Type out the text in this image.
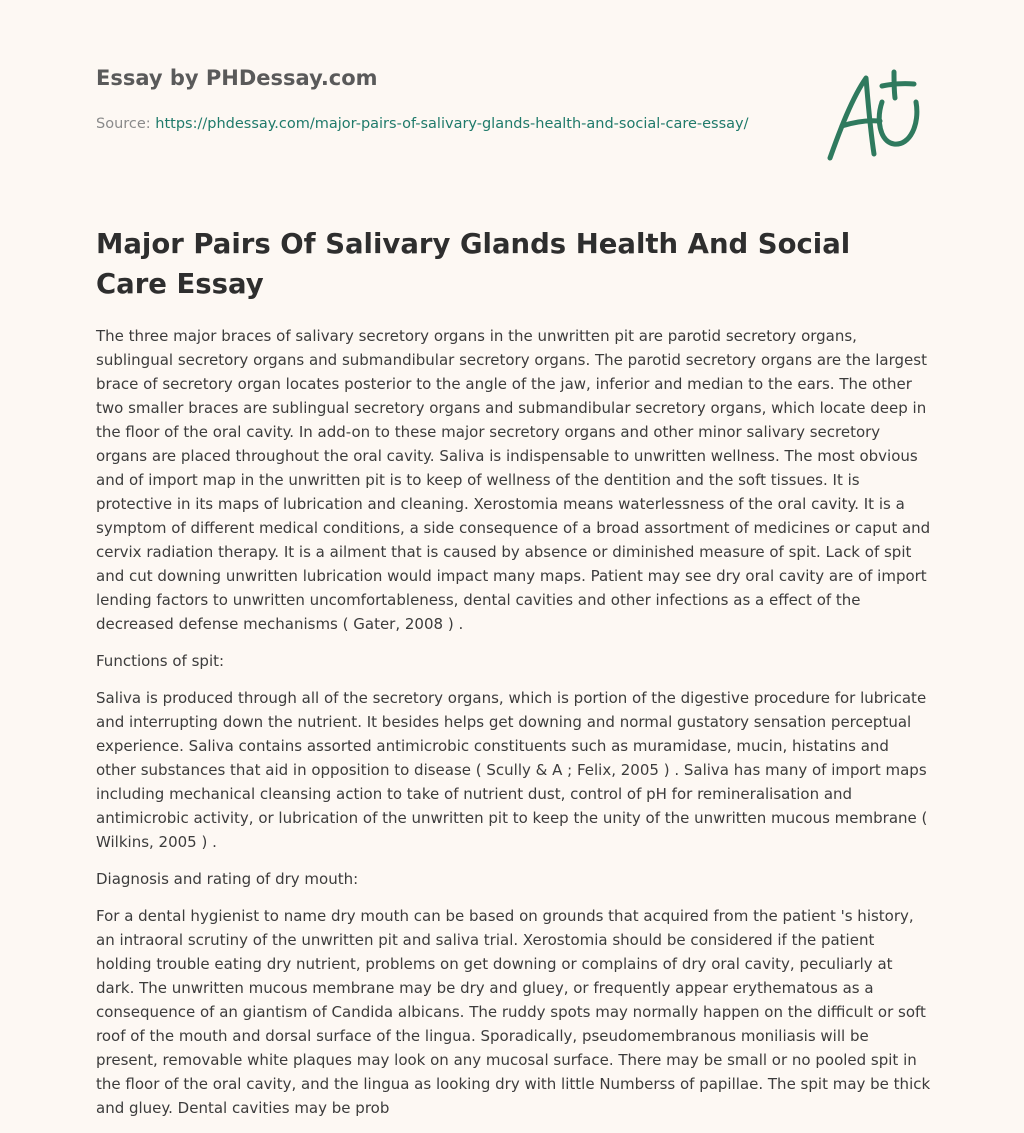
Essay by PHDessay.com
Source: https://phdessay.com/major-pairs-of-salivary-glands-health-and-social-care-essay/
Major Pairs Of Salivary Glands Health And Social Care Essay

The three major braces of salivary secretory organs in the unwritten pit are parotid secretory organs, sublingual secretory organs and submandibular secretory organs. The parotid secretory organs are the largest brace of secretory organ locates posterior to the angle of the jaw, inferior and median to the ears. The other two smaller braces are sublingual secretory organs and submandibular secretory organs, which locate deep in the floor of the oral cavity. In add-on to these major secretory organs and other minor salivary secretory organs are placed throughout the oral cavity. Saliva is indispensable to unwritten wellness. The most obvious and of import map in the unwritten pit is to keep of wellness of the dentition and the soft tissues. It is protective in its maps of lubrication and cleaning. Xerostomia means waterlessness of the oral cavity. It is a symptom of different medical conditions, a side consequence of a broad assortment of medicines or caput and cervix radiation therapy. It is a ailment that is caused by absence or diminished measure of spit. Lack of spit and cut downing unwritten lubrication would impact many maps. Patient may see dry oral cavity are of import lending factors to unwritten uncomfortableness, dental cavities and other infections as a effect of the decreased defense mechanisms ( Gater, 2008 ) .

Functions of spit:

Saliva is produced through all of the secretory organs, which is portion of the digestive procedure for lubricate and interrupting down the nutrient. It besides helps get downing and normal gustatory sensation perceptual experience. Saliva contains assorted antimicrobic constituents such as muramidase, mucin, histatins and other substances that aid in opposition to disease ( Scully & A ; Felix, 2005 ) . Saliva has many of import maps including mechanical cleansing action to take of nutrient dust, control of pH for remineralisation and antimicrobic activity, or lubrication of the unwritten pit to keep the unity of the unwritten mucous membrane ( Wilkins, 2005 ) .

Diagnosis and rating of dry mouth:

For a dental hygienist to name dry mouth can be based on grounds that acquired from the patient 's history, an intraoral scrutiny of the unwritten pit and saliva trial. Xerostomia should be considered if the patient holding trouble eating dry nutrient, problems on get downing or complains of dry oral cavity, peculiarly at dark. The unwritten mucous membrane may be dry and gluey, or frequently appear erythematous as a consequence of an giantism of Candida albicans. The ruddy spots may normally happen on the difficult or soft roof of the mouth and dorsal surface of the lingua. Sporadically, pseudomembranous moniliasis will be present, removable white plaques may look on any mucosal surface. There may be small or no pooled spit in the floor of the oral cavity, and the lingua as looking dry with little Numberss of papillae. The spit may be thick and gluey. Dental cavities may be prob
